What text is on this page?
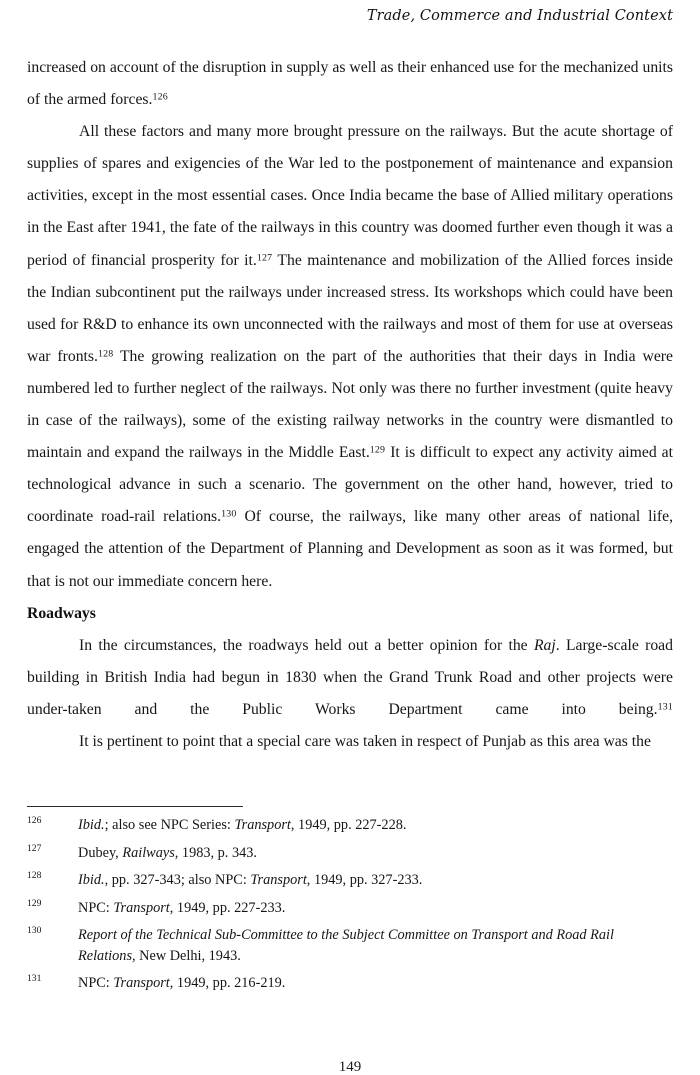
Trade, Commerce and Industrial Context

increased on account of the disruption in supply as well as their enhanced use for the mechanized units of the armed forces.$^{126}$

All these factors and many more brought pressure on the railways. But the acute shortage of supplies of spares and exigencies of the War led to the postponement of maintenance and expansion activities, except in the most essential cases. Once India became the base of Allied military operations in the East after 1941, the fate of the railways in this country was doomed further even though it was a period of financial prosperity for it.$^{127}$ The maintenance and mobilization of the Allied forces inside the Indian subcontinent put the railways under increased stress. Its workshops which could have been used for R&D to enhance its own unconnected with the railways and most of them for use at overseas war fronts.$^{128}$ The growing realization on the part of the authorities that their days in India were numbered led to further neglect of the railways. Not only was there no further investment (quite heavy in case of the railways), some of the existing railway networks in the country were dismantled to maintain and expand the railways in the Middle East.$^{129}$ It is difficult to expect any activity aimed at technological advance in such a scenario. The government on the other hand, however, tried to coordinate road-rail relations.$^{130}$ Of course, the railways, like many other areas of national life, engaged the attention of the Department of Planning and Development as soon as it was formed, but that is not our immediate concern here.

Roadways

In the circumstances, the roadways held out a better opinion for the Raj. Large-scale road building in British India had begun in 1830 when the Grand Trunk Road and other projects were under-taken and the Public Works Department came into being.$^{131}$It is pertinent to point that a special care was taken in respect of Punjab as this area was the

126	Ibid.; also see NPC Series: Transport, 1949, pp. 227-228.
127	Dubey, Railways, 1983, p. 343.
128	Ibid., pp. 327-343; also NPC: Transport, 1949, pp. 327-233.
129	NPC: Transport, 1949, pp. 227-233.
130	Report of the Technical Sub-Committee to the Subject Committee on Transport and Road Rail Relations, New Delhi, 1943.
131	NPC: Transport, 1949, pp. 216-219.
149
